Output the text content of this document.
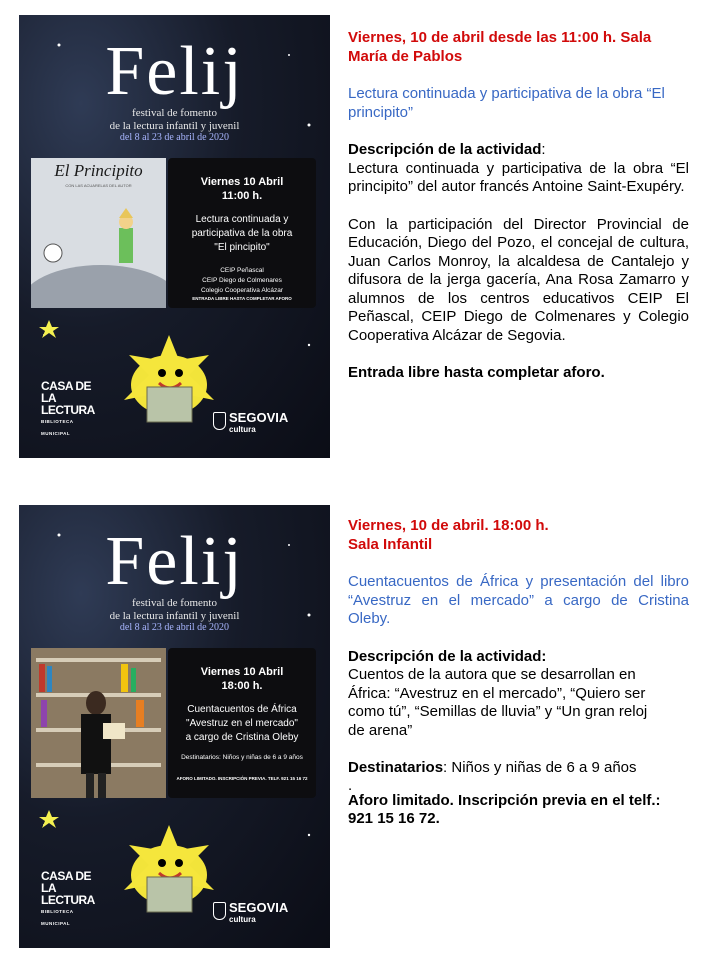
Felij
festival de fomento
de la lectura infantil y juvenil
del 8 al 23 de abril de 2020
El Principito
CON LAS ACUARELAS DEL AUTOR	Viernes 10 Abril
11:00 h.
Lectura continuada y
participativa de la obra
"El pincipito"
CEIP Peñascal
CEIP Diego de Colmenares
Colegio Cooperativa Alcázar
ENTRADA LIBRE HASTA COMPLETAR AFORO
CASA DE
LA LECTURA
BIBLIOTECA MUNICIPAL
SEGOVIA
cultura

Viernes, 10 de abril desde las 11:00 h. Sala María de Pablos

Lectura continuada y participativa de la obra “El principito”

Descripción de la actividad:

Lectura continuada y participativa de la obra “El principito” del autor francés Antoine Saint-Exupéry.

Con la participación del Director Provincial de Educación, Diego del Pozo, el concejal de cultura, Juan Carlos Monroy, la alcaldesa de Cantalejo y difusora de la jerga gacería, Ana Rosa Zamarro y alumnos de los centros educativos CEIP El Peñascal, CEIP Diego de Colmenares y Colegio Cooperativa Alcázar de Segovia.

Entrada libre hasta completar aforo.

Felij
festival de fomento
de la lectura infantil y juvenil
del 8 al 23 de abril de 2020
Viernes 10 Abril
18:00 h.
Cuentacuentos de África
"Avestruz en el mercado"
a cargo de Cristina Oleby
Destinatarios: Niños y niñas de 6 a 9 años
AFORO LIMITADO. INSCRIPCIÓN PREVIA. TELF. 921 15 16 72
CASA DE
LA LECTURA
BIBLIOTECA MUNICIPAL
SEGOVIA
cultura

Viernes, 10 de abril. 18:00 h.

Sala Infantil

Cuentacuentos de África y presentación del libro “Avestruz en el mercado” a cargo de Cristina Oleby.

Descripción de la actividad:

Cuentos de la autora que se desarrollan en África: “Avestruz en el mercado”, “Quiero ser como tú”, “Semillas de lluvia” y “Un gran reloj de arena”

Destinatarios: Niños y niñas de 6 a 9 años

.

Aforo limitado. Inscripción previa en el telf.: 921 15 16 72.
